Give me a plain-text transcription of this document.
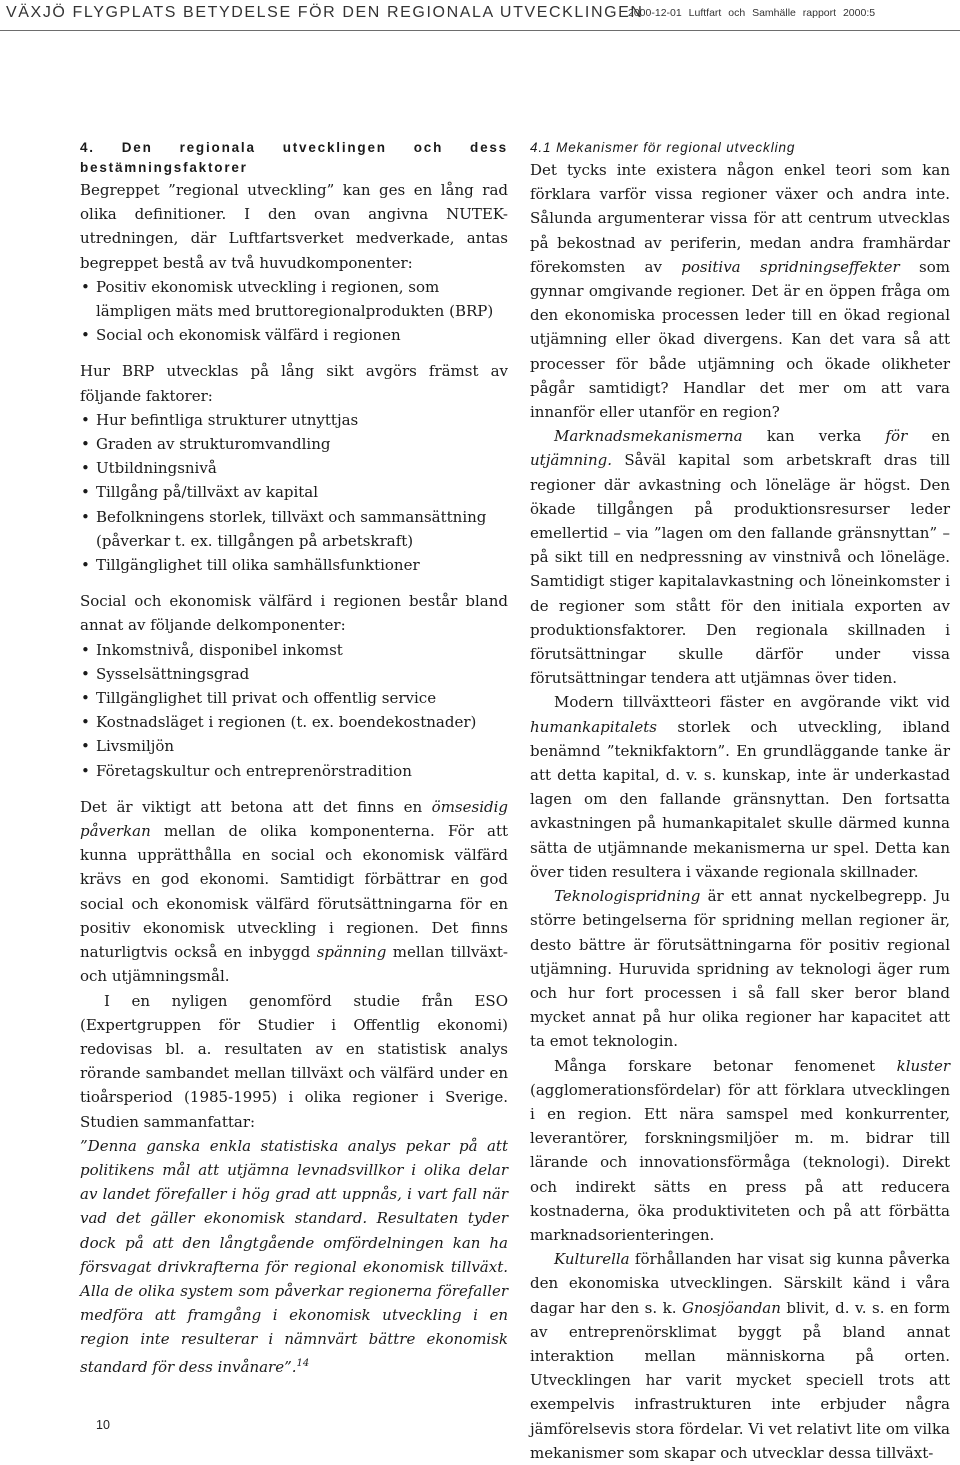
VÄXJÖ FLYGPLATS BETYDELSE FÖR DEN REGIONALA UTVECKLINGEN
2000-12-01 Luftfart och Samhälle rapport 2000:5

4. Den regionala utvecklingen och dess bestämningsfaktorer

Begreppet ”regional utveckling” kan ges en lång rad olika definitioner. I den ovan angivna NUTEK-utredningen, där Luftfartsverket medverkade, antas begreppet bestå av två huvudkomponenter:

• Positiv ekonomisk utveckling i regionen, som lämpligen mäts med bruttoregionalprodukten (BRP)
• Social och ekonomisk välfärd i regionen

Hur BRP utvecklas på lång sikt avgörs främst av följande faktorer:

• Hur befintliga strukturer utnyttjas
• Graden av strukturomvandling
• Utbildningsnivå
• Tillgång på/tillväxt av kapital
• Befolkningens storlek, tillväxt och sammansättning (påverkar t. ex. tillgången på arbetskraft)
• Tillgänglighet till olika samhällsfunktioner

Social och ekonomisk välfärd i regionen består bland annat av följande delkomponenter:

• Inkomstnivå, disponibel inkomst
• Sysselsättningsgrad
• Tillgänglighet till privat och offentlig service
• Kostnadsläget i regionen (t. ex. boendekostnader)
• Livsmiljön
• Företagskultur och entreprenörstradition

Det är viktigt att betona att det finns en ömsesidig påverkan mellan de olika komponenterna. För att kunna upprätthålla en social och ekonomisk välfärd krävs en god ekonomi. Samtidigt förbättrar en god social och ekonomisk välfärd förutsättningarna för en positiv ekonomisk utveckling i regionen. Det finns naturligtvis också en inbyggd spänning mellan tillväxt- och utjämningsmål.

I en nyligen genomförd studie från ESO (Expertgruppen för Studier i Offentlig ekonomi) redovisas bl. a. resultaten av en statistisk analys rörande sambandet mellan tillväxt och välfärd under en tioårsperiod (1985-1995) i olika regioner i Sverige. Studien sammanfattar:

”Denna ganska enkla statistiska analys pekar på att politikens mål att utjämna levnadsvillkor i olika delar av landet förefaller i hög grad att uppnås, i vart fall när vad det gäller ekonomisk standard. Resultaten tyder dock på att den långtgående omfördelningen kan ha försvagat drivkrafterna för regional ekonomisk tillväxt. Alla de olika system som påverkar regionerna förefaller medföra att framgång i ekonomisk utveckling i en region inte resulterar i nämnvärt bättre ekonomisk standard för dess invånare”.$^{14}$

4.1 Mekanismer för regional utveckling

Det tycks inte existera någon enkel teori som kan förklara varför vissa regioner växer och andra inte. Sålunda argumenterar vissa för att centrum utvecklas på bekostnad av periferin, medan andra framhärdar förekomsten av positiva spridningseffekter som gynnar omgivande regioner. Det är en öppen fråga om den ekonomiska processen leder till en ökad regional utjämning eller ökad divergens. Kan det vara så att processer för både utjämning och ökade olikheter pågår samtidigt? Handlar det mer om att vara innanför eller utanför en region?

Marknadsmekanismerna kan verka för en utjämning. Såväl kapital som arbetskraft dras till regioner där avkastning och löneläge är högst. Den ökade tillgången på produktionsresurser leder emellertid – via ”lagen om den fallande gränsnyttan” – på sikt till en nedpressning av vinstnivå och löneläge. Samtidigt stiger kapitalavkastning och löneinkomster i de regioner som stått för den initiala exporten av produktionsfaktorer. Den regionala skillnaden i förutsättningar skulle därför under vissa förutsättningar tendera att utjämnas över tiden.

Modern tillväxtteori fäster en avgörande vikt vid humankapitalets storlek och utveckling, ibland benämnd ”teknikfaktorn”. En grundläggande tanke är att detta kapital, d. v. s. kunskap, inte är underkastad lagen om den fallande gränsnyttan. Den fortsatta avkastningen på humankapitalet skulle därmed kunna sätta de utjämnande mekanismerna ur spel. Detta kan över tiden resultera i växande regionala skillnader.

Teknologispridning är ett annat nyckelbegrepp. Ju större betingelserna för spridning mellan regioner är, desto bättre är förutsättningarna för positiv regional utjämning. Huruvida spridning av teknologi äger rum och hur fort processen i så fall sker beror bland mycket annat på hur olika regioner har kapacitet att ta emot teknologin.

Många forskare betonar fenomenet kluster (agglomerationsfördelar) för att förklara utvecklingen i en region. Ett nära samspel med konkurrenter, leverantörer, forskningsmiljöer m. m. bidrar till lärande och innovationsförmåga (teknologi). Direkt och indirekt sätts en press på att reducera kostnaderna, öka produktiviteten och på att förbätta marknadsorienteringen.

Kulturella förhållanden har visat sig kunna påverka den ekonomiska utvecklingen. Särskilt känd i våra dagar har den s. k. Gnosjöandan blivit, d. v. s. en form av entreprenörsklimat byggt på bland annat interaktion mellan människorna på orten. Utvecklingen har varit mycket speciell trots att exempelvis infrastrukturen inte erbjuder några jämförelsevis stora fördelar. Vi vet relativt lite om vilka mekanismer som skapar och utvecklar dessa tillväxt-

10
